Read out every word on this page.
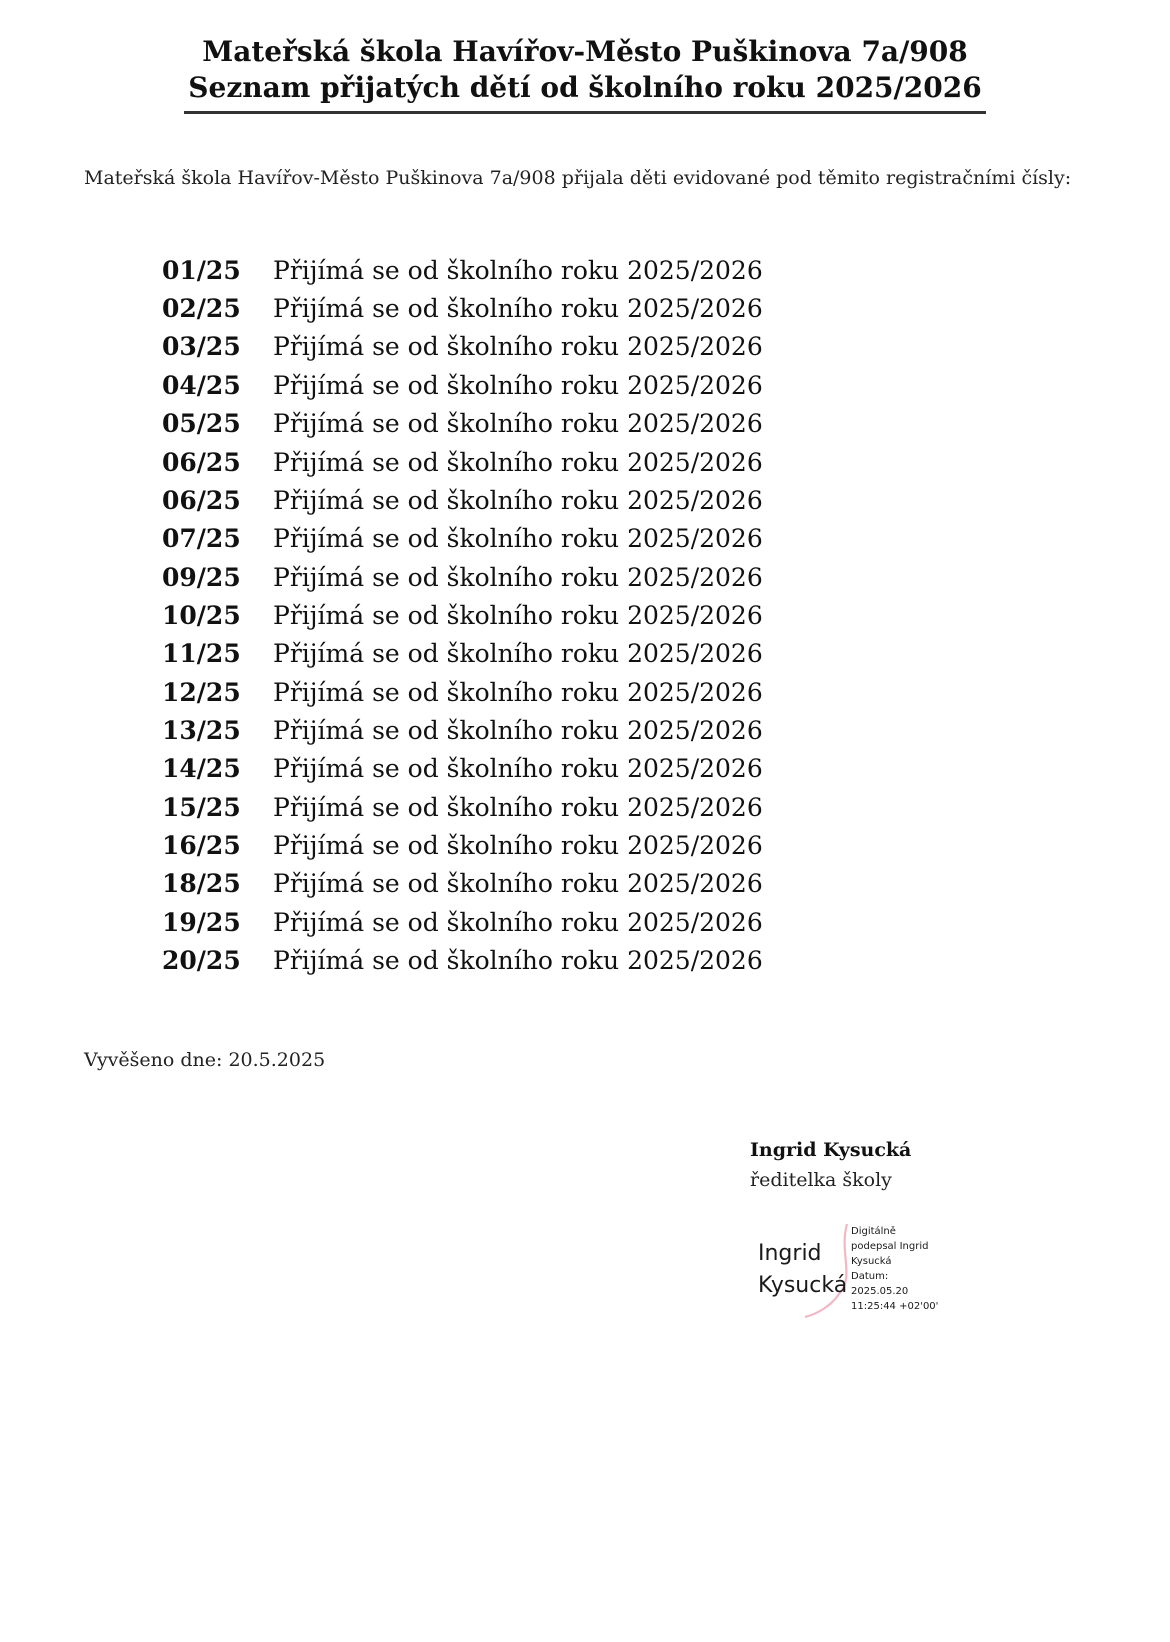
Mateřská škola Havířov-Město Puškinova 7a/908
Seznam přijatých dětí od školního roku 2025/2026
Mateřská škola Havířov-Město Puškinova 7a/908 přijala děti evidované pod těmito registračními čísly:
01/25 Přijímá se od školního roku 2025/2026
02/25 Přijímá se od školního roku 2025/2026
03/25 Přijímá se od školního roku 2025/2026
04/25 Přijímá se od školního roku 2025/2026
05/25 Přijímá se od školního roku 2025/2026
06/25 Přijímá se od školního roku 2025/2026
06/25 Přijímá se od školního roku 2025/2026
07/25 Přijímá se od školního roku 2025/2026
09/25 Přijímá se od školního roku 2025/2026
10/25 Přijímá se od školního roku 2025/2026
11/25 Přijímá se od školního roku 2025/2026
12/25 Přijímá se od školního roku 2025/2026
13/25 Přijímá se od školního roku 2025/2026
14/25 Přijímá se od školního roku 2025/2026
15/25 Přijímá se od školního roku 2025/2026
16/25 Přijímá se od školního roku 2025/2026
18/25 Přijímá se od školního roku 2025/2026
19/25 Přijímá se od školního roku 2025/2026
20/25 Přijímá se od školního roku 2025/2026
Vyvěšeno dne: 20.5.2025
Ingrid Kysucká
ředitelka školy
Ingrid
Kysucká
Digitálně
podepsal Ingrid
Kysucká
Datum:
2025.05.20
11:25:44 +02'00'
